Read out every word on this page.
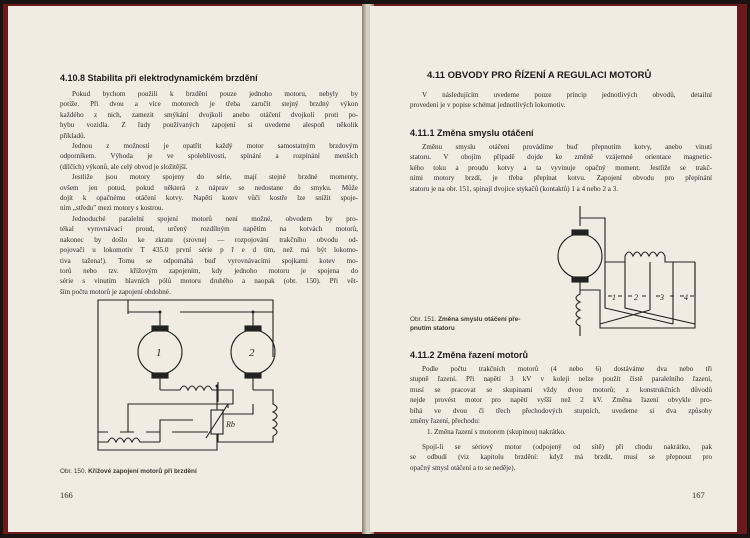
4.10.8 Stabilita při elektrodynamickém brzdění
Pokud bychom použili k brzdění pouze jednoho motoru, nebyly by
potíže. Při dvou a více motorech je třeba zaručit stejný brzdný výkon
každého z nich, zamezit smýkání dvojkolí anebo otáčení dvojkolí proti po-
hybu vozidla. Z řady používaných zapojení si uvedeme alespoň několik
příkladů.
Jednou z možností je opatřit každý motor samostatným brzdovým
odporníkem. Výhoda je ve spolehlivosti, spínání a rozpínání menších
(dílčích) výkonů, ale celý obvod je složitější.
Jestliže jsou motory spojeny do série, mají stejné brzdné momenty,
ovšem jen potud, pokud některá z náprav se nedostane do smyku. Může
dojít k opačnému otáčení kotvy. Napětí kotev vůči kostře lze snížit spoje-
ním „středu" mezi motory s kostrou.
Jednoduché paralelní spojení motorů není možné, obvodem by pro-
tékal vyrovnávací proud, určený rozdílným napětím na kotvách motorů,
nakonec by došlo ke zkratu (srovnej — rozpojování trakčního obvodu od-
pojovači u lokomotiv T 435.0 první série p ř e d tím, než má být lokomo-
tiva tažena!). Tomu se odpomáhá buď vyrovnávacími spojkami kotev mo-
torů nebo tzv. křížovým zapojením, kdy jednoho motoru je spojena do
série s vinutím hlavních pólů motoru druhého a naopak (obr. 150). Při vět-
ším počtu motorů je zapojení obdobné.
1	2
Rb
Obr. 150. Křížové zapojení motorů při brzdění
166
4.11 OBVODY PRO ŘÍZENÍ A REGULACI MOTORŮ
V následujícím uvedeme pouze princip jednotlivých obvodů, detailní
provedení je v popise schémat jednotlivých lokomotiv.
4.11.1 Změna smyslu otáčení
Změnu smyslu otáčení provádíme buď přepnutím kotvy, anebo vinutí
statoru. V obojím případě dojde ke změně vzájemné orientace magnetic-
kého toku a proudu kotvy a ta vyvinuje opačný moment. Jestliže se trakč-
ními motory brzdí, je třeba přepínat kotvu. Zapojení obvodu pro přepínání
statoru je na obr. 151, spínají dvojice stykačů (kontaktů) 1 a 4 nebo 2 a 3.
1 2	3	4
Obr. 151. Změna smyslu otáčení pře-
pnutím statoru
4.11.2 Změna řazení motorů
Podle počtu trakčních motorů (4 nebo 6) dostáváme dva nebo tři
stupně řazení. Při napětí 3 kV v koleji nelze použít čistě paralelního řazení,
musí se pracovat se skupinami vždy dvou motorů; z konstrukčních důvodů
nejde provést motor pro napětí vyšší než 2 kV. Změna řazení obvykle pro-
bíhá ve dvou či třech přechodových stupních, uvedeme si dva způsoby
změny řazení, přechodu:
1. Změna řazení s motorem (skupinou) nakrátko.
Spojí-li se sériový motor (odpojený od sítě) při chodu nakrátko, pak
se odbudí (viz kapitolu brzdění: když má brzdit, musí se přepnout pro
opačný smysl otáčení a to se neděje).
167
